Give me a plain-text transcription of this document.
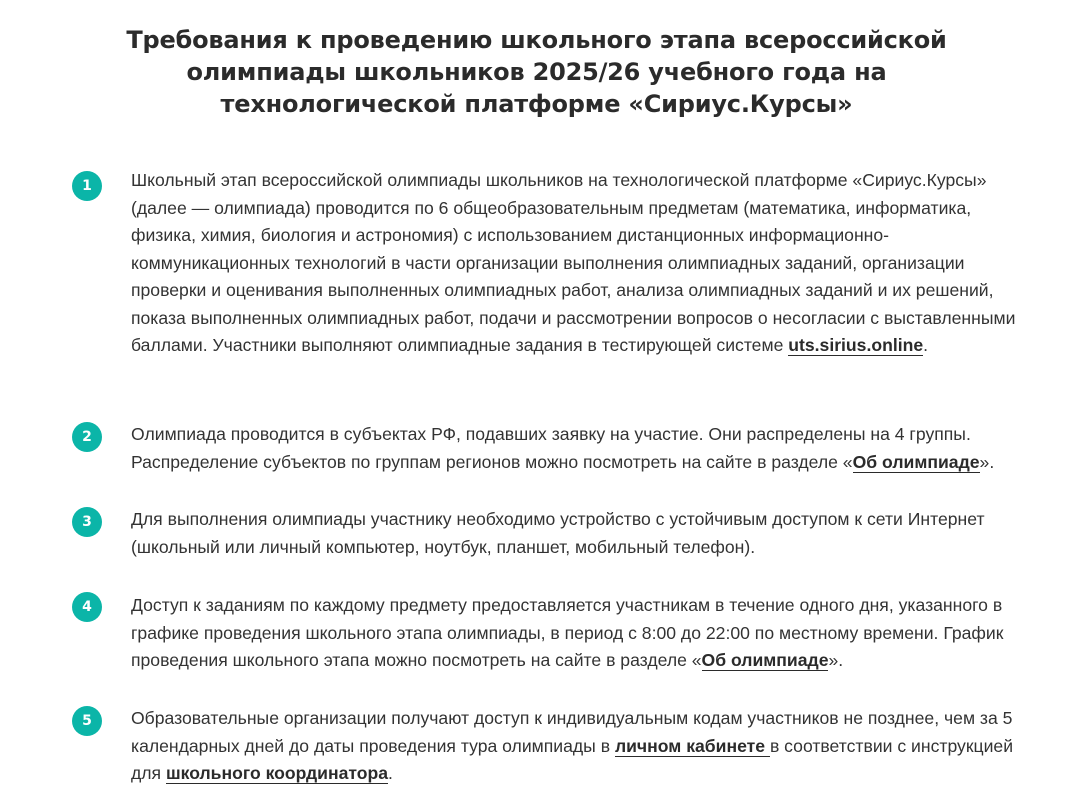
Требования к проведению школьного этапа всероссийской олимпиады школьников 2025/26 учебного года на технологической платформе «Сириус.Курсы»
1	Школьный этап всероссийской олимпиады школьников на технологической платформе «Сириус.Курсы» (далее — олимпиада) проводится по 6 общеобразовательным предметам (математика, информатика, физика, химия, биология и астрономия) с использованием дистанционных информационно-коммуникационных технологий в части организации выполнения олимпиадных заданий, организации проверки и оценивания выполненных олимпиадных работ, анализа олимпиадных заданий и их решений, показа выполненных олимпиадных работ, подачи и рассмотрении вопросов о несогласии с выставленными баллами. Участники выполняют олимпиадные задания в тестирующей системе uts.sirius.online.

2	Олимпиада проводится в субъектах РФ, подавших заявку на участие. Они распределены на 4 группы. Распределение субъектов по группам регионов можно посмотреть на сайте в разделе «Об олимпиаде».

3	Для выполнения олимпиады участнику необходимо устройство с устойчивым доступом к сети Интернет (школьный или личный компьютер, ноутбук, планшет, мобильный телефон).

4	Доступ к заданиям по каждому предмету предоставляется участникам в течение одного дня, указанного в графике проведения школьного этапа олимпиады, в период с 8:00 до 22:00 по местному времени. График проведения школьного этапа можно посмотреть на сайте в разделе «Об олимпиаде».

5	Образовательные организации получают доступ к индивидуальным кодам участников не позднее, чем за 5 календарных дней до даты проведения тура олимпиады в личном кабинете в соответствии с инструкцией для школьного координатора.
